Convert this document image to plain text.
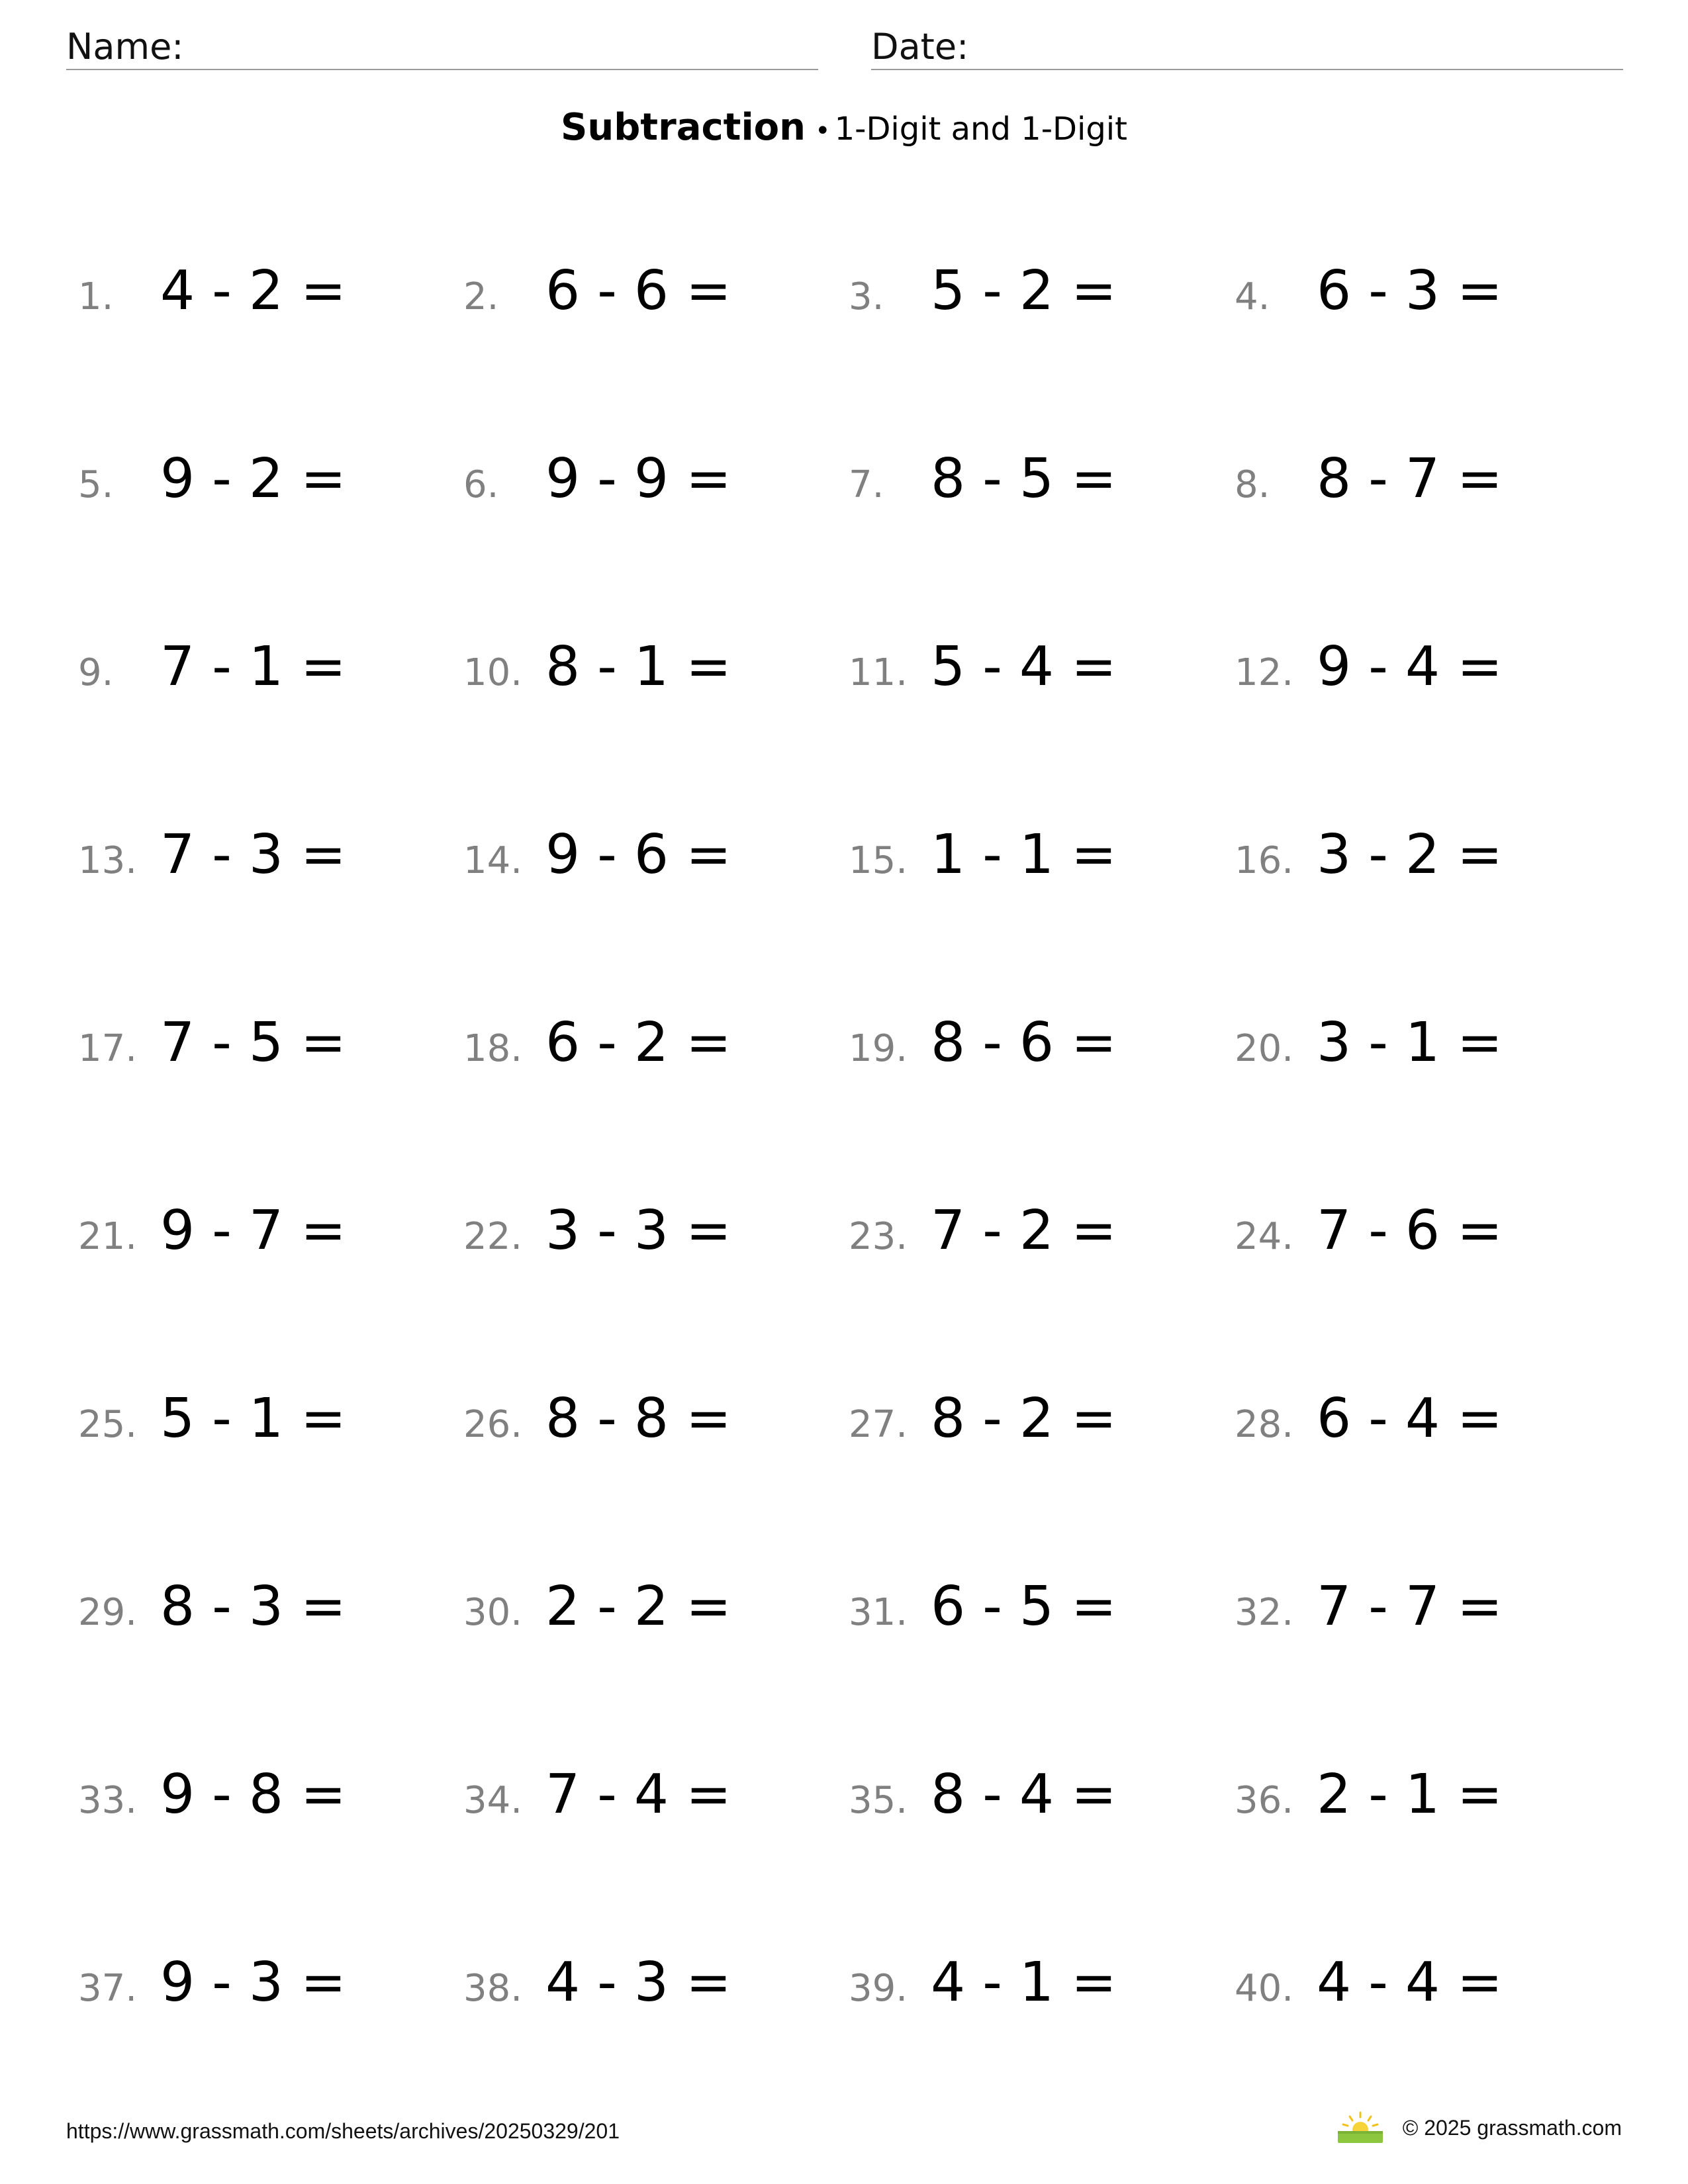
Name:	Date:
Subtraction • 1-Digit and 1-Digit
1. 4 - 2 =	2. 6 - 6 =	3. 5 - 2 =	4. 6 - 3 =
5. 9 - 2 =	6. 9 - 9 =	7. 8 - 5 =	8. 8 - 7 =
9. 7 - 1 =	10. 8 - 1 =	11. 5 - 4 =	12. 9 - 4 =
13. 7 - 3 =	14. 9 - 6 =	15. 1 - 1 =	16. 3 - 2 =
17. 7 - 5 =	18. 6 - 2 =	19. 8 - 6 =	20. 3 - 1 =
21. 9 - 7 =	22. 3 - 3 =	23. 7 - 2 =	24. 7 - 6 =
25. 5 - 1 =	26. 8 - 8 =	27. 8 - 2 =	28. 6 - 4 =
29. 8 - 3 =	30. 2 - 2 =	31. 6 - 5 =	32. 7 - 7 =
33. 9 - 8 =	34. 7 - 4 =	35. 8 - 4 =	36. 2 - 1 =
37. 9 - 3 =	38. 4 - 3 =	39. 4 - 1 =	40. 4 - 4 =
https://www.grassmath.com/sheets/archives/20250329/201	© 2025 grassmath.com
